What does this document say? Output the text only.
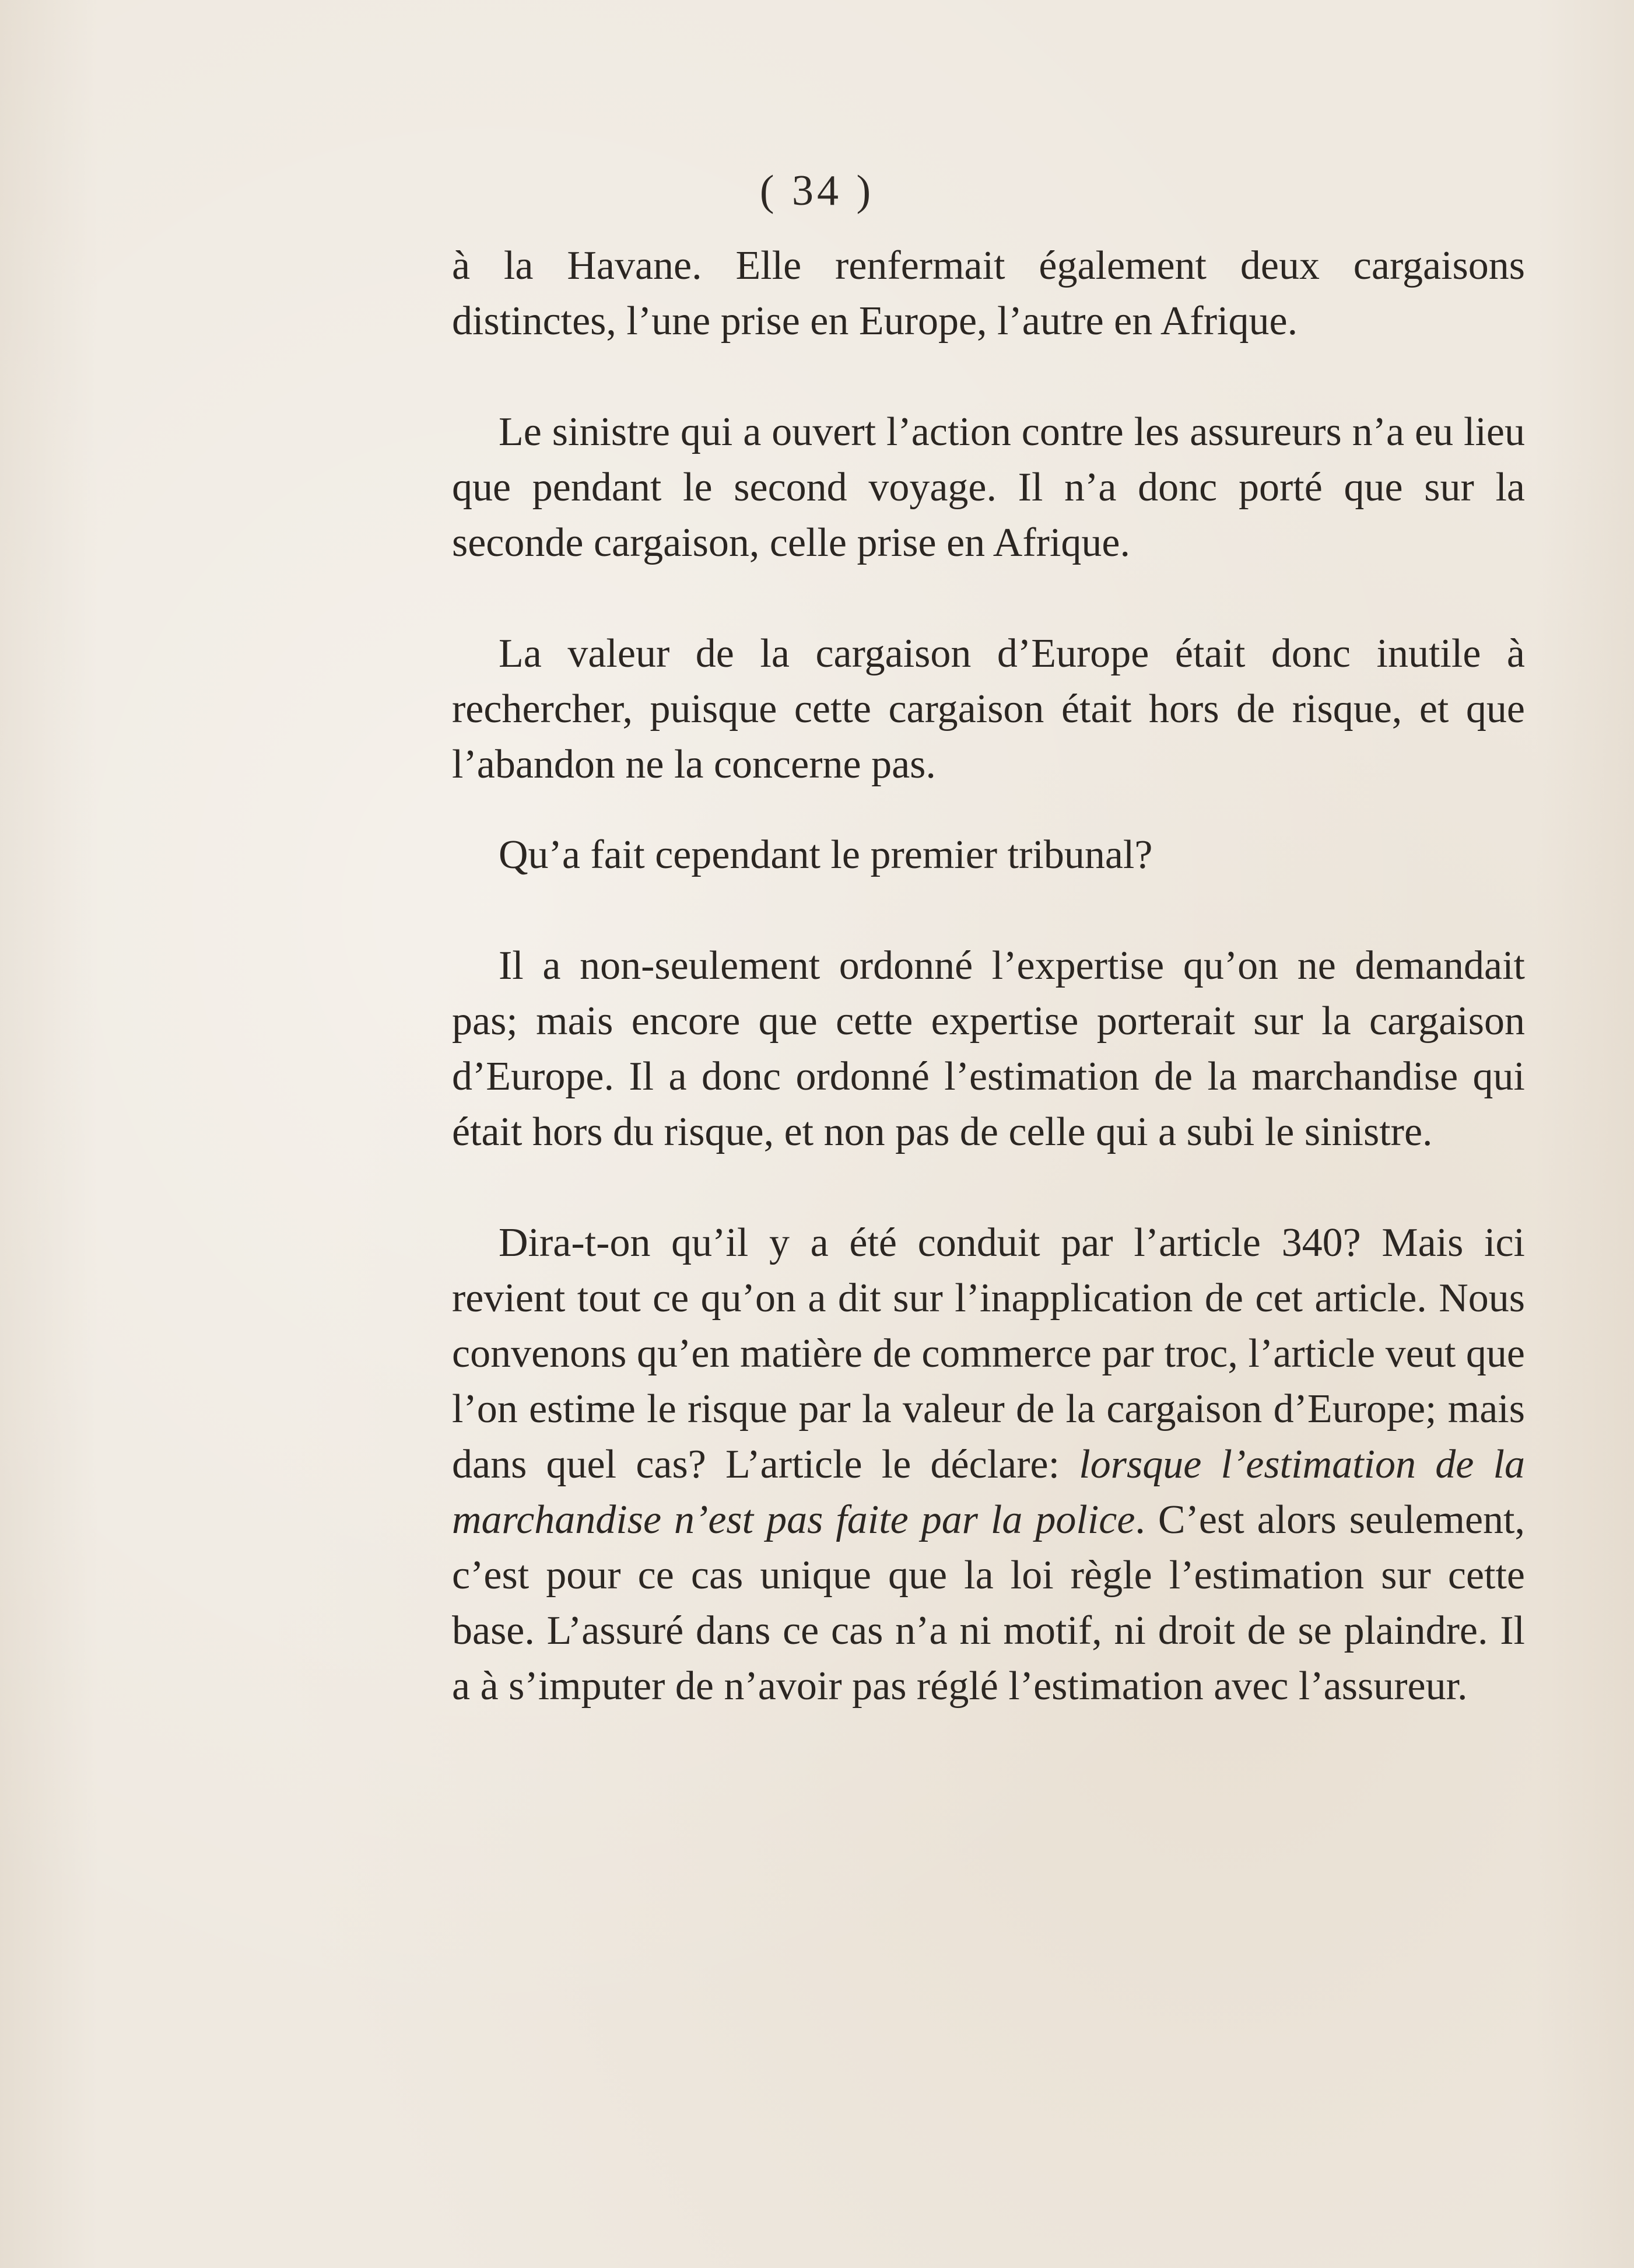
( 34 )

à la Havane. Elle renfermait également deux cargaisons distinctes, l’une prise en Europe, l’autre en Afrique.

Le sinistre qui a ouvert l’action contre les assureurs n’a eu lieu que pendant le second voyage. Il n’a donc porté que sur la seconde cargaison, celle prise en Afrique.

La valeur de la cargaison d’Europe était donc inutile à rechercher, puisque cette cargaison était hors de risque, et que l’abandon ne la concerne pas.

Qu’a fait cependant le premier tribunal?

Il a non-seulement ordonné l’expertise qu’on ne demandait pas; mais encore que cette expertise porterait sur la cargaison d’Europe. Il a donc ordonné l’estimation de la marchandise qui était hors du risque, et non pas de celle qui a subi le sinistre.

Dira-t-on qu’il y a été conduit par l’article 340? Mais ici revient tout ce qu’on a dit sur l’inapplication de cet article. Nous convenons qu’en matière de commerce par troc, l’article veut que l’on estime le risque par la valeur de la cargaison d’Europe; mais dans quel cas? L’article le déclare: lorsque l’estimation de la marchandise n’est pas faite par la police. C’est alors seulement, c’est pour ce cas unique que la loi règle l’estimation sur cette base. L’assuré dans ce cas n’a ni motif, ni droit de se plaindre. Il a à s’imputer de n’avoir pas réglé l’estimation avec l’assureur.
